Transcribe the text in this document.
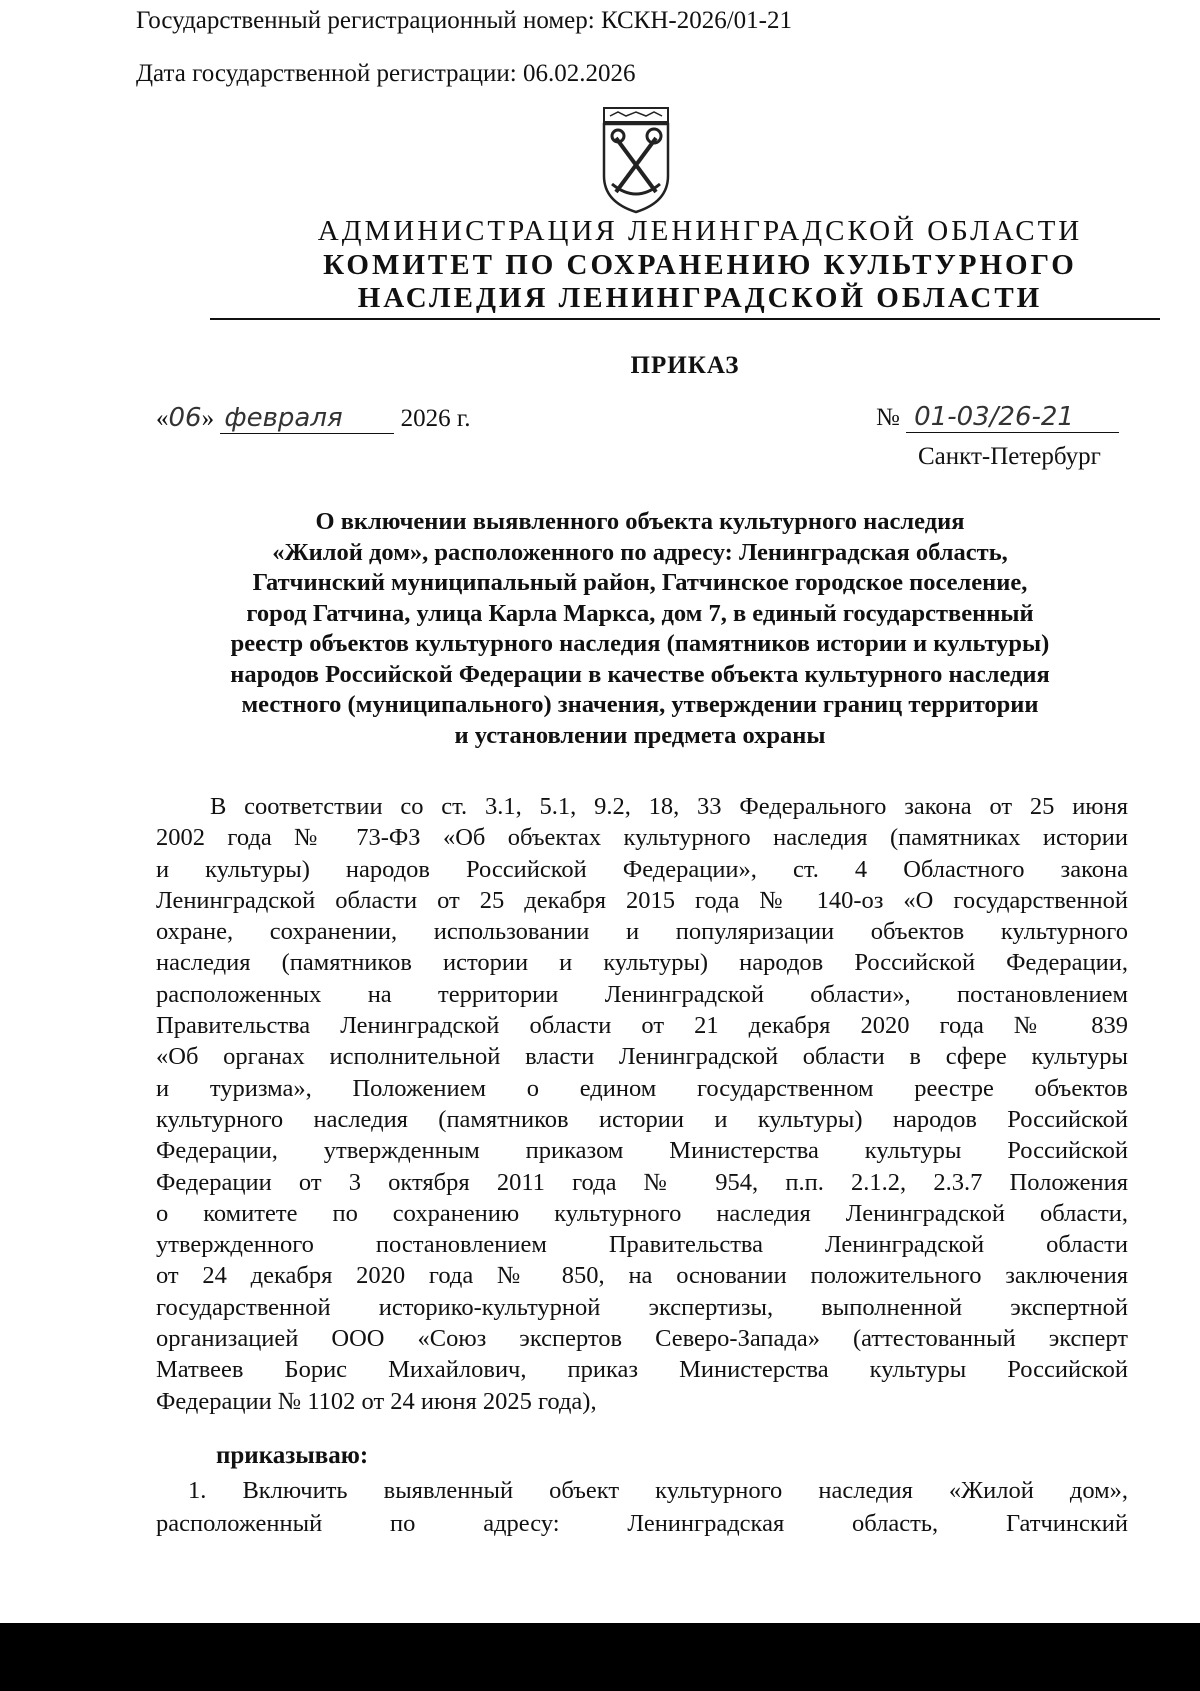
Государственный регистрационный номер: КСКН-2026/01-21
Дата государственной регистрации: 06.02.2026
АДМИНИСТРАЦИЯ ЛЕНИНГРАДСКОЙ ОБЛАСТИ
КОМИТЕТ ПО СОХРАНЕНИЮ КУЛЬТУРНОГО
НАСЛЕДИЯ ЛЕНИНГРАДСКОЙ ОБЛАСТИ
ПРИКАЗ
«06» февраля 2026 г.	№ 01-03/26-21
Санкт-Петербург
О включении выявленного объекта культурного наследия
«Жилой дом», расположенного по адресу: Ленинградская область,
Гатчинский муниципальный район, Гатчинское городское поселение,
город Гатчина, улица Карла Маркса, дом 7, в единый государственный
реестр объектов культурного наследия (памятников истории и культуры)
народов Российской Федерации в качестве объекта культурного наследия
местного (муниципального) значения, утверждении границ территории
и установлении предмета охраны
В соответствии со ст. 3.1, 5.1, 9.2, 18, 33 Федерального закона от 25 июня
2002 года № 73-ФЗ «Об объектах культурного наследия (памятниках истории
и культуры) народов Российской Федерации», ст. 4 Областного закона
Ленинградской области от 25 декабря 2015 года № 140-оз «О государственной
охране, сохранении, использовании и популяризации объектов культурного
наследия (памятников истории и культуры) народов Российской Федерации,
расположенных на территории Ленинградской области», постановлением
Правительства Ленинградской области от 21 декабря 2020 года № 839
«Об органах исполнительной власти Ленинградской области в сфере культуры
и туризма», Положением о едином государственном реестре объектов
культурного наследия (памятников истории и культуры) народов Российской
Федерации, утвержденным приказом Министерства культуры Российской
Федерации от 3 октября 2011 года № 954, п.п. 2.1.2, 2.3.7 Положения
о комитете по сохранению культурного наследия Ленинградской области,
утвержденного постановлением Правительства Ленинградской области
от 24 декабря 2020 года № 850, на основании положительного заключения
государственной историко-культурной экспертизы, выполненной экспертной
организацией ООО «Союз экспертов Северо-Запада» (аттестованный эксперт
Матвеев Борис Михайлович, приказ Министерства культуры Российской
Федерации № 1102 от 24 июня 2025 года),
приказываю:
1. Включить выявленный объект культурного наследия «Жилой дом»,
расположенный по адресу: Ленинградская область, Гатчинский
